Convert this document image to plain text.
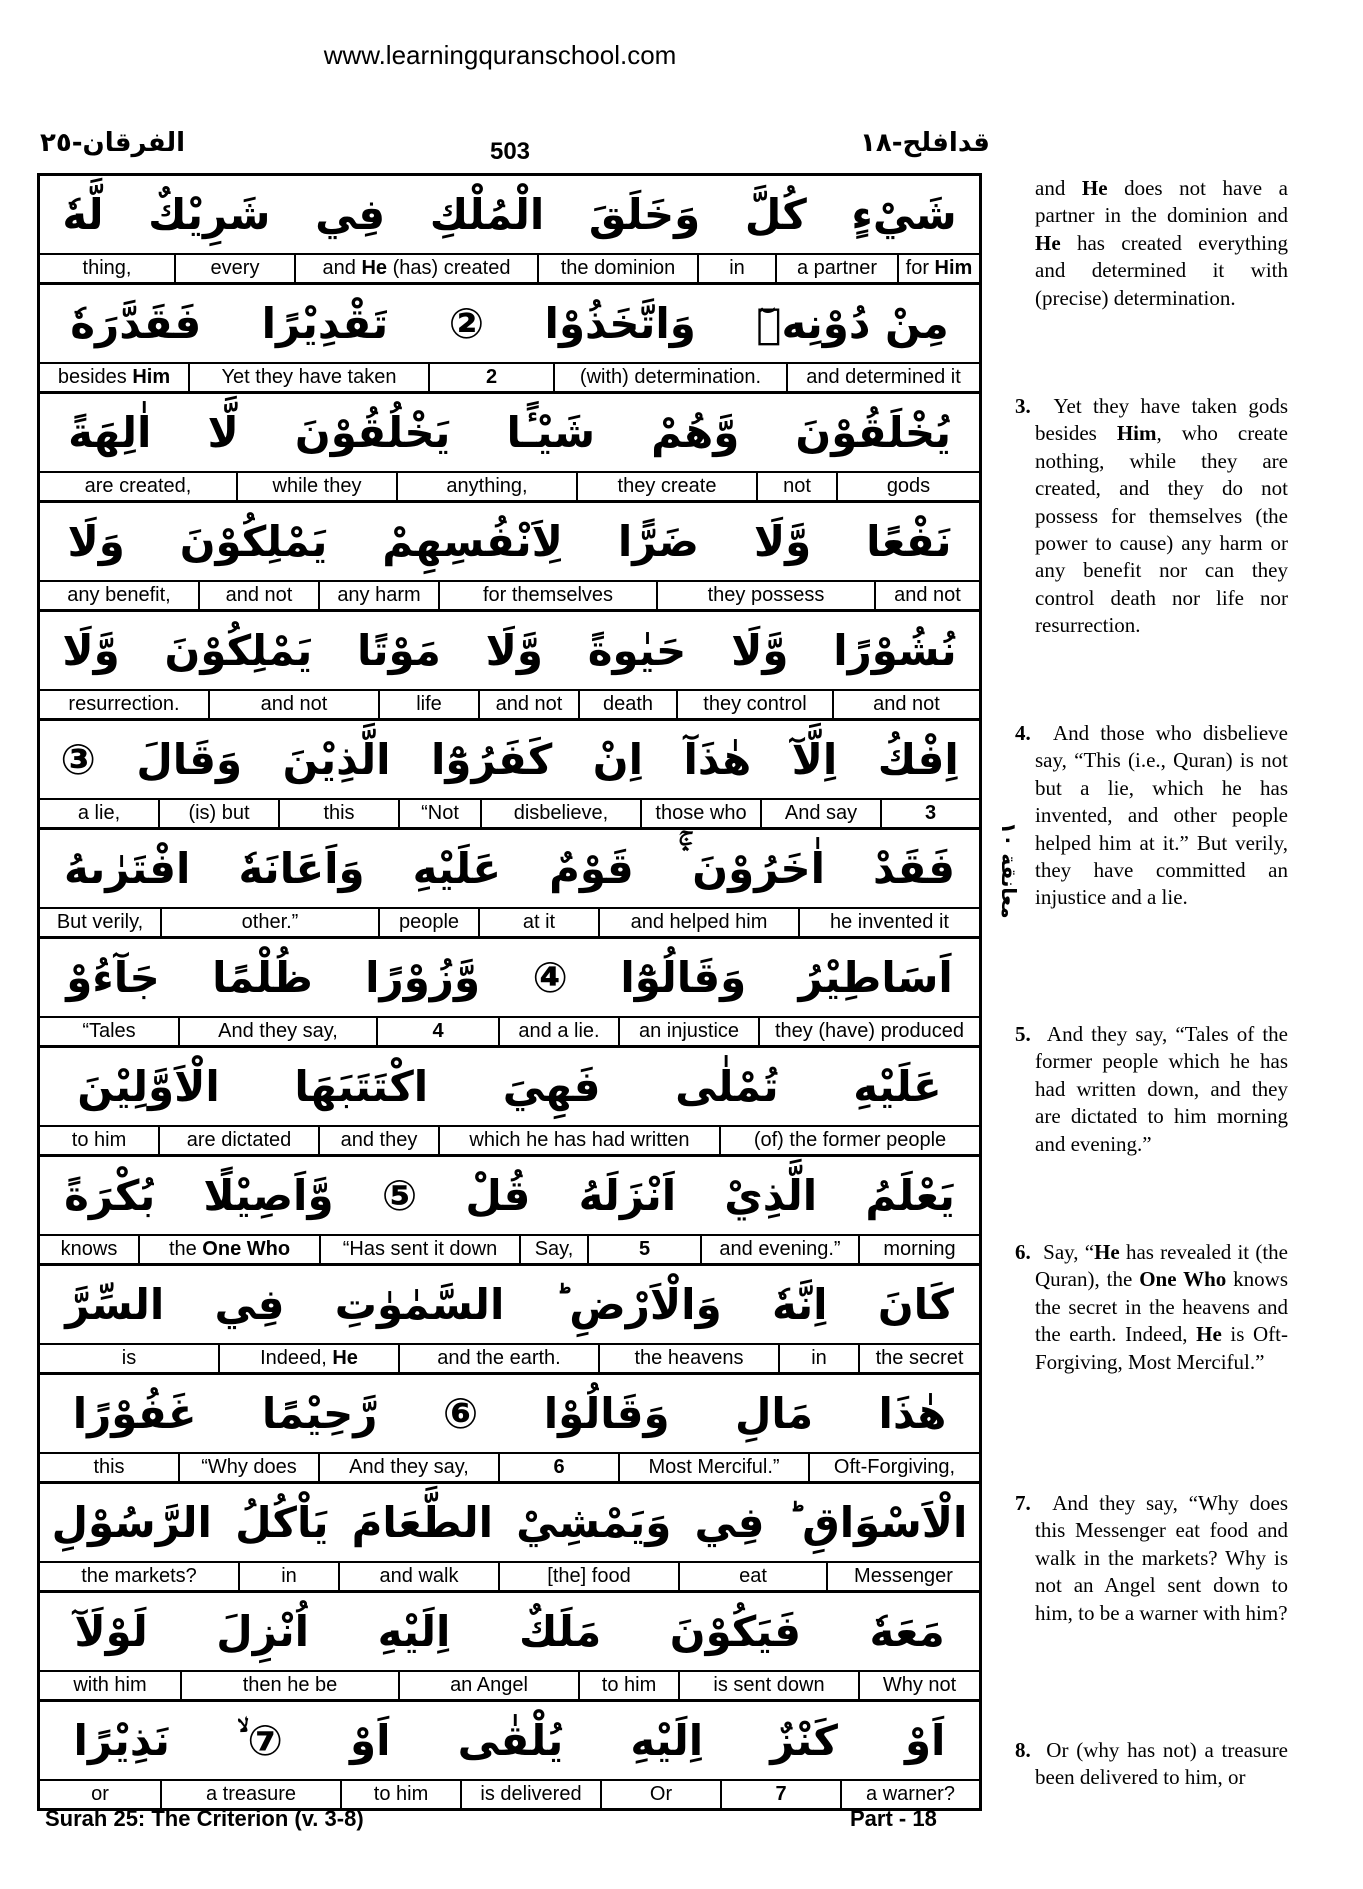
www.learningquranschool.com
الفرقان-٢٥	503	قدافلح-١٨
لَّهٗ شَرِيْكٌ فِي الْمُلْكِ وَخَلَقَ كُلَّ شَيْءٍ
thing,	every	and He (has) created	the dominion	in	a partner	for Him
فَقَدَّرَهٗ تَقْدِيْرًا ② وَاتَّخَذُوْا مِنْ دُوْنِهٖٓ
besides Him	Yet they have taken	2	(with) determination.	and determined it
اٰلِهَةً لَّا يَخْلُقُوْنَ شَيْـًٔا وَّهُمْ يُخْلَقُوْنَ
are created,	while they	anything,	they create	not	gods
وَلَا يَمْلِكُوْنَ لِاَنْفُسِهِمْ ضَرًّا وَّلَا نَفْعًا
any benefit,	and not	any harm	for themselves	they possess	and not
وَّلَا يَمْلِكُوْنَ مَوْتًا وَّلَا حَيٰوةً وَّلَا نُشُوْرًا
resurrection.	and not	life	and not	death	they control	and not
③ وَقَالَ الَّذِيْنَ كَفَرُوْٓا اِنْ هٰذَآ اِلَّآ اِفْكُ
a lie,	(is) but	this	“Not	disbelieve,	those who	And say	3
افْتَرٰىهُ وَاَعَانَهٗ عَلَيْهِ قَوْمٌ اٰخَرُوْنَ ۛۚ فَقَدْ
But verily,	other.”	people	at it	and helped him	he invented it
جَآءُوْ ظُلْمًا وَّزُوْرًا ④ وَقَالُوْٓا اَسَاطِيْرُ
“Tales	And they say,	4	and a lie.	an injustice	they (have) produced
الْاَوَّلِيْنَ اكْتَتَبَهَا فَهِيَ تُمْلٰى عَلَيْهِ
to him	are dictated	and they	which he has had written	(of) the former people
بُكْرَةً وَّاَصِيْلًا ⑤ قُلْ اَنْزَلَهُ الَّذِيْ يَعْلَمُ
knows	the One Who	“Has sent it down	Say,	5	and evening.”	morning
السِّرَّ فِي السَّمٰوٰتِ وَالْاَرْضِ ؕ اِنَّهٗ كَانَ
is	Indeed, He	and the earth.	the heavens	in	the secret
غَفُوْرًا رَّحِيْمًا ⑥ وَقَالُوْا مَالِ هٰذَا
this	“Why does	And they say,	6	Most Merciful.”	Oft-Forgiving,
الرَّسُوْلِ يَاْكُلُ الطَّعَامَ وَيَمْشِيْ فِي الْاَسْوَاقِ ؕ
the markets?	in	and walk	[the] food	eat	Messenger
لَوْلَآ اُنْزِلَ اِلَيْهِ مَلَكٌ فَيَكُوْنَ مَعَهٗ
with him	then he be	an Angel	to him	is sent down	Why not
نَذِيْرًا ⑦ ۙ اَوْ يُلْقٰى اِلَيْهِ كَنْزٌ اَوْ
or	a treasure	to him	is delivered	Or	7	a warner?
معانقة ١٠
and He does not have a partner in the dominion and He has created everything and determined it with (precise) determination.
3.  Yet they have taken gods besides Him, who create nothing, while they are created, and they do not possess for themselves (the power to cause) any harm or any benefit nor can they control death nor life nor resurrection.
4.  And those who disbelieve say, “This (i.e., Quran) is not but a lie, which he has invented, and other people helped him at it.” But verily, they have committed an injustice and a lie.
5.  And they say, “Tales of the former people which he has had written down, and they are dictated to him morning and evening.”
6.  Say, “He has revealed it (the Quran), the One Who knows the secret in the heavens and the earth. Indeed, He is Oft-Forgiving, Most Merciful.”
7.  And they say, “Why does this Messenger eat food and walk in the markets? Why is not an Angel sent down to him, to be a warner with him?
8.  Or (why has not) a treasure been delivered to him, or
Surah 25: The Criterion (v. 3-8)	Part - 18
